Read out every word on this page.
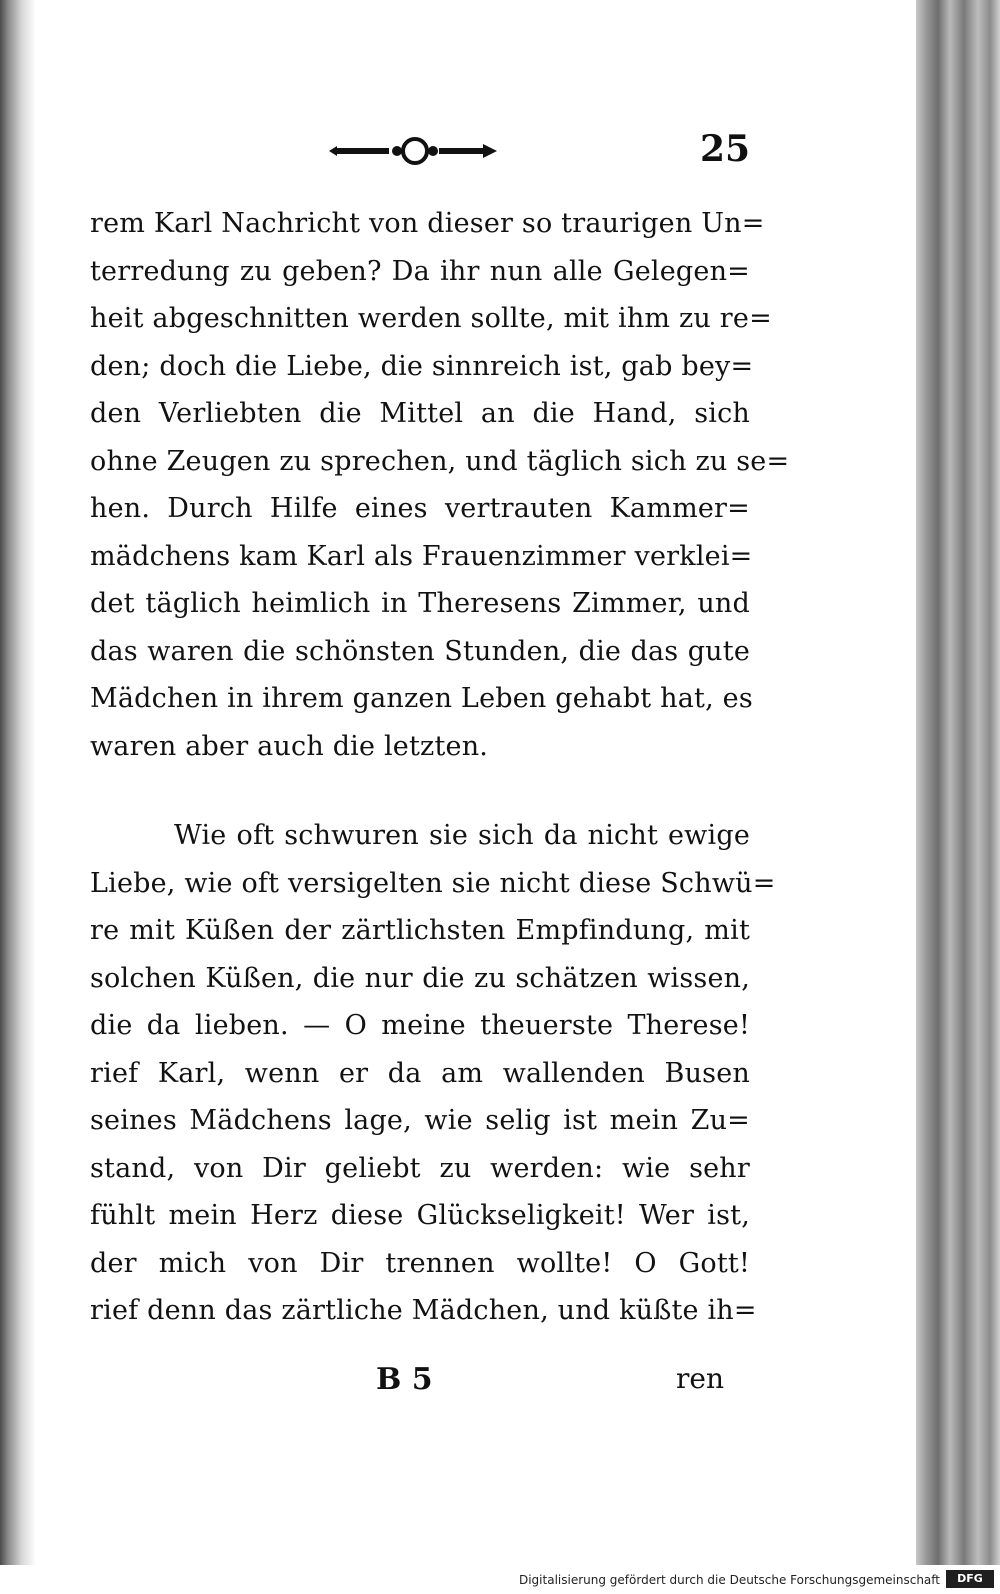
25
rem Karl Nachricht von dieser so traurigen Un=
terredung zu geben? Da ihr nun alle Gelegen=
heit abgeschnitten werden sollte, mit ihm zu re=
den; doch die Liebe, die sinnreich ist, gab bey=
den Verliebten die Mittel an die Hand, sich
ohne Zeugen zu sprechen, und täglich sich zu se=
hen. Durch Hilfe eines vertrauten Kammer=
mädchens kam Karl als Frauenzimmer verklei=
det täglich heimlich in Theresens Zimmer, und
das waren die schönsten Stunden, die das gute
Mädchen in ihrem ganzen Leben gehabt hat, es
waren aber auch die letzten.
Wie oft schwuren sie sich da nicht ewige
Liebe, wie oft versigelten sie nicht diese Schwü=
re mit Küßen der zärtlichsten Empfindung, mit
solchen Küßen, die nur die zu schätzen wissen,
die da lieben. — O meine theuerste Therese!
rief Karl, wenn er da am wallenden Busen
seines Mädchens lage, wie selig ist mein Zu=
stand, von Dir geliebt zu werden: wie sehr
fühlt mein Herz diese Glückseligkeit! Wer ist,
der mich von Dir trennen wollte! O Gott!
rief denn das zärtliche Mädchen, und küßte ih=
B 5	ren
Digitalisierung gefördert durch die Deutsche Forschungsgemeinschaft	DFG
